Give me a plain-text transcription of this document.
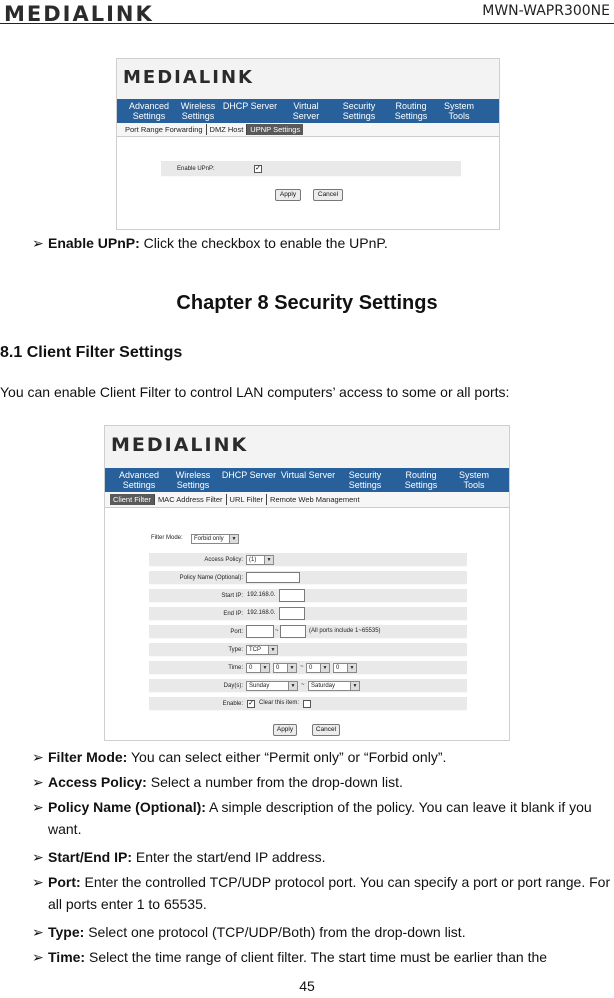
MEDIALINK	MWN-WAPR300NE
MEDIALINK
Advanced Settings
Wireless Settings
DHCP Server	Virtual Server
Security Settings
Routing Settings
System Tools
Port Range Forwarding DMZ Host UPNP Settings
Enable UPnP:	✓
Apply	Cancel
➢ Enable UPnP: Click the checkbox to enable the UPnP.
Chapter 8 Security Settings
8.1 Client Filter Settings
You can enable Client Filter to control LAN computers’ access to some or all ports:
MEDIALINK
Advanced Settings
Wireless Settings
DHCP Server Virtual Server	Security Settings
Routing Settings
System Tools
Client Filter MAC Address Filter URL Filter Remote Web Management
Filter Mode:	Forbid only	▼
Access Policy:	(1)	▼
Policy Name (Optional):
Start IP: 192.168.0.
End IP: 192.168.0.
Port:	~	(All ports include 1~65535)
Type:	TCP	▼
Time:	0	▼	0	▼ ~ 0	▼	0	▼
Day(s):	Sunday	▼ ~	Saturday	▼
Enable: ✓ Clear this item:
Apply	Cancel
➢ Filter Mode: You can select either “Permit only” or “Forbid only”.
➢ Access Policy: Select a number from the drop-down list.
➢ Policy Name (Optional): A simple description of the policy. You can leave it blank if you want.
➢ Start/End IP: Enter the start/end IP address.
➢ Port: Enter the controlled TCP/UDP protocol port. You can specify a port or port range. For all ports enter 1 to 65535.
➢ Type: Select one protocol (TCP/UDP/Both) from the drop-down list.
➢ Time: Select the time range of client filter. The start time must be earlier than the
45
